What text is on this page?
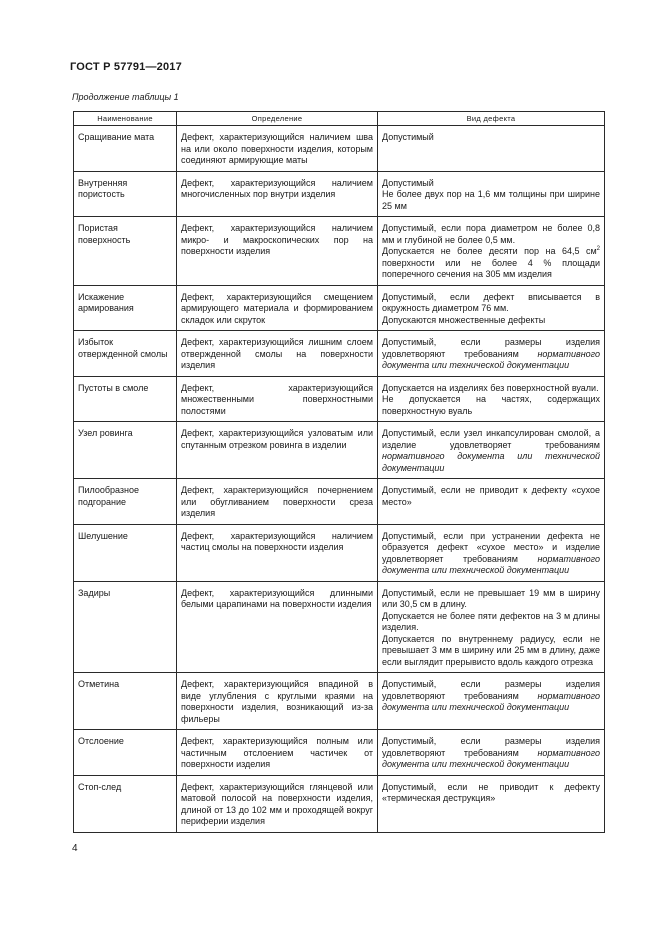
ГОСТ Р 57791—2017
Продолжение таблицы 1
Наименование	Определение	Вид дефекта
Сращивание мата	Дефект, характеризующийся наличием шва на или около поверхности изделия, которым соединяют армирующие маты	Допустимый

Внутренняя пористость	Дефект, характеризующийся наличием многочисленных пор внутри изделия	Допустимый
Не более двух пор на 1,6 мм толщины при ширине 25 мм

Пористая поверхность	Дефект, характеризующийся наличием микро- и макроскопических пор на поверхности изделия	Допустимый, если пора диаметром не более 0,8 мм и глубиной не более 0,5 мм.
Допускается не более десяти пор на 64,5 $см^2$ поверхности или не более 4 % площади поперечного сечения на 305 мм изделия

Искажение армирования	Дефект, характеризующийся смещением армирующего материала и формированием складок или скруток	Допустимый, если дефект вписывается в окружность диаметром 76 мм.
Допускаются множественные дефекты

Избыток отвержденной смолы	Дефект, характеризующийся лишним слоем отвержденной смолы на поверхности изделия	Допустимый, если размеры изделия удовлетворяют требованиям нормативного документа или технической документации

Пустоты в смоле	Дефект, характеризующийся множественными поверхностными полостями	Допускается на изделиях без поверхностной вуали.
Не допускается на частях, содержащих поверхностную вуаль

Узел ровинга	Дефект, характеризующийся узловатым или спутанным отрезком ровинга в изделии	Допустимый, если узел инкапсулирован смолой, а изделие удовлетворяет требованиям нормативного документа или технической документации

Пилообразное подгорание	Дефект, характеризующийся почернением или обугливанием поверхности среза изделия	Допустимый, если не приводит к дефекту «сухое место»

Шелушение	Дефект, характеризующийся наличием частиц смолы на поверхности изделия	Допустимый, если при устранении дефекта не образуется дефект «сухое место» и изделие удовлетворяет требованиям нормативного документа или технической документации

Задиры	Дефект, характеризующийся длинными белыми царапинами на поверхности изделия	Допустимый, если не превышает 19 мм в ширину или 30,5 см в длину.
Допускается не более пяти дефектов на 3 м длины изделия.
Допускается по внутреннему радиусу, если не превышает 3 мм в ширину или 25 мм в длину, даже если выглядит прерывисто вдоль каждого отрезка

Отметина	Дефект, характеризующийся впадиной в виде углубления с круглыми краями на поверхности изделия, возникающий из-за фильеры	Допустимый, если размеры изделия удовлетворяют требованиям нормативного документа или технической документации

Отслоение	Дефект, характеризующийся полным или частичным отслоением частичек от поверхности изделия	Допустимый, если размеры изделия удовлетворяют требованиям нормативного документа или технической документации

Стоп-след	Дефект, характеризующийся глянцевой или матовой полосой на поверхности изделия, длиной от 13 до 102 мм и проходящей вокруг периферии изделия	Допустимый, если не приводит к дефекту «термическая деструкция»
4
